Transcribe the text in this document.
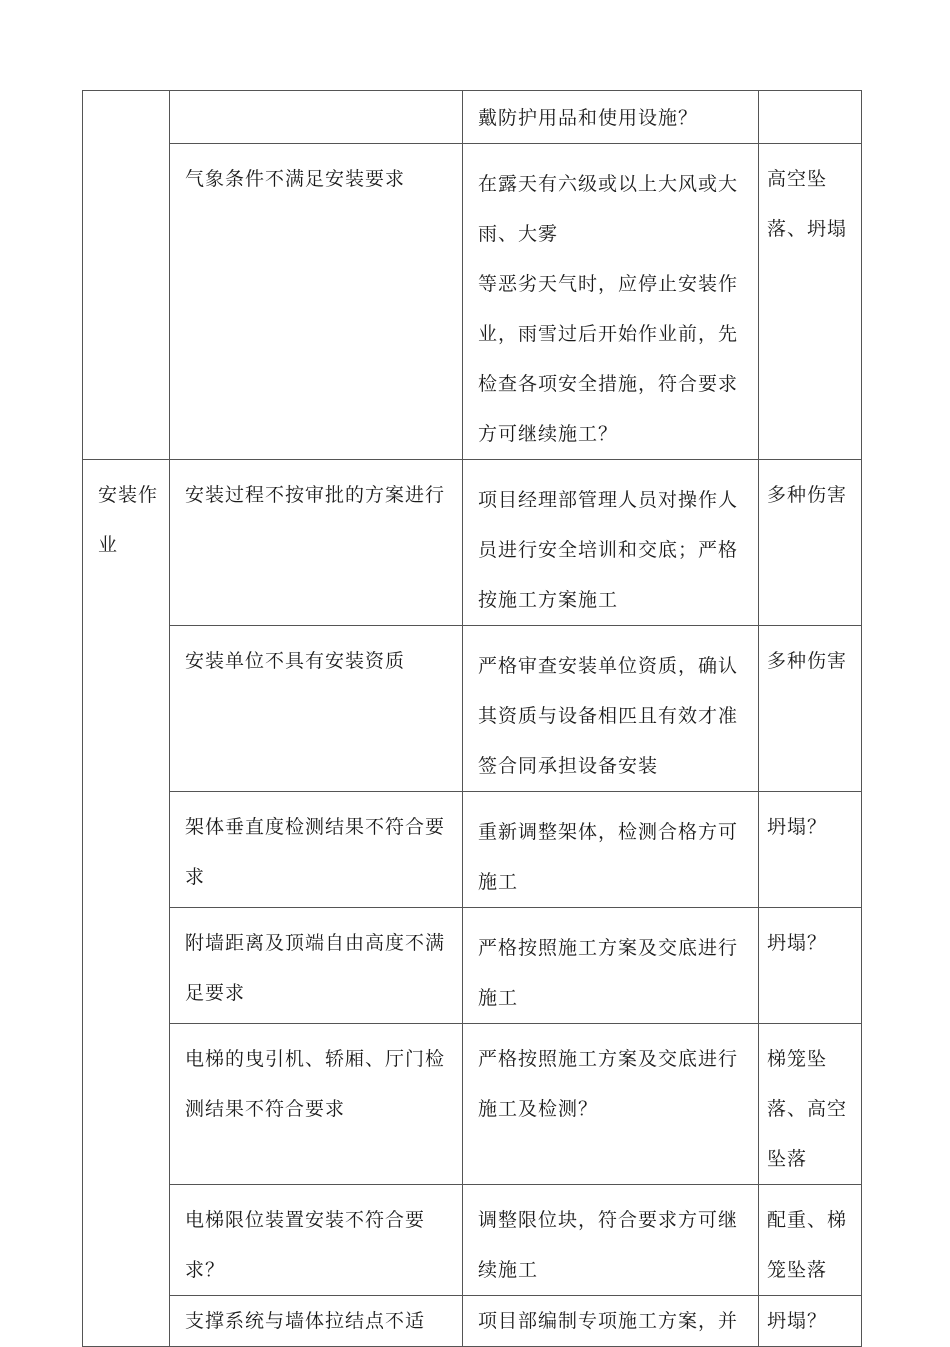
		戴防护用品和使用设施？	
	气象条件不满足安装要求	在露天有六级或以上大风或大雨、大雾
等恶劣天气时，应停止安装作业，雨雪过后开始作业前，先检查各项安全措施，符合要求方可继续施工？	高空坠落、坍塌
安装作业	安装过程不按审批的方案进行	项目经理部管理人员对操作人员进行安全培训和交底；严格按施工方案施工	多种伤害
	安装单位不具有安装资质	严格审查安装单位资质，确认其资质与设备相匹且有效才准签合同承担设备安装	多种伤害
	架体垂直度检测结果不符合要求	重新调整架体，检测合格方可施工	坍塌？
	附墙距离及顶端自由高度不满足要求	严格按照施工方案及交底进行施工	坍塌？
	电梯的曳引机、轿厢、厅门检测结果不符合要求	严格按照施工方案及交底进行施工及检测？	梯笼坠落、高空坠落
	电梯限位装置安装不符合要求？	调整限位块，符合要求方可继续施工	配重、梯笼坠落
	支撑系统与墙体拉结点不适	项目部编制专项施工方案，并	坍塌？
